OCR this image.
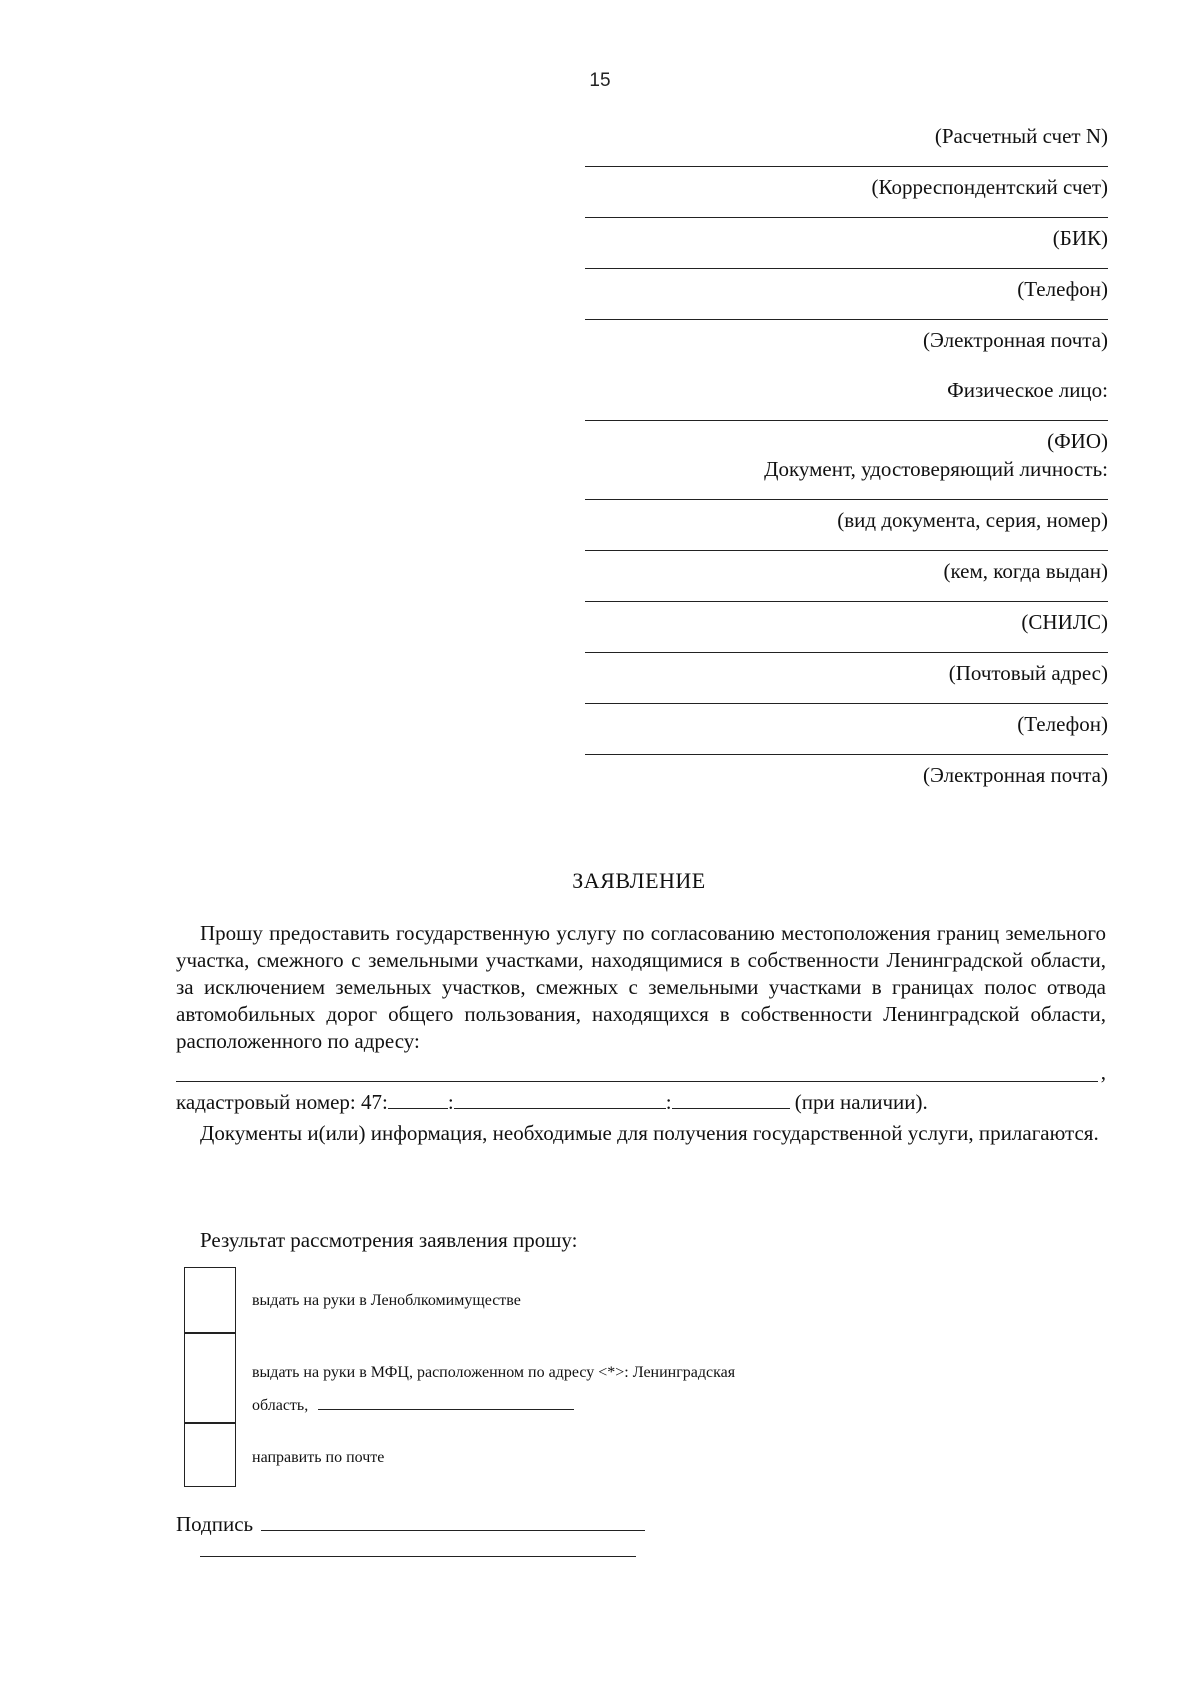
15
(Расчетный счет N)
(Корреспондентский счет)
(БИК)
(Телефон)
(Электронная почта)
Физическое лицо:
(ФИО)
Документ, удостоверяющий личность:
(вид документа, серия, номер)
(кем, когда выдан)
(СНИЛС)
(Почтовый адрес)
(Телефон)
(Электронная почта)
ЗАЯВЛЕНИЕ
Прошу предоставить государственную услугу по согласованию местоположения границ земельного участка, смежного с земельными участками, находящимися в собственности Ленинградской области, за исключением земельных участков, смежных с земельными участками в границах полос отвода автомобильных дорог общего пользования, находящихся в собственности Ленинградской области, расположенного по адресу:
,
кадастровый номер: 47:	:	:	(при наличии).
Документы и(или) информация, необходимые для получения государственной услуги, прилагаются.
Результат рассмотрения заявления прошу:
выдать на руки в Леноблкомимуществе
выдать на руки в МФЦ, расположенном по адресу <*>: Ленинградская
область,
направить по почте
Подпись
